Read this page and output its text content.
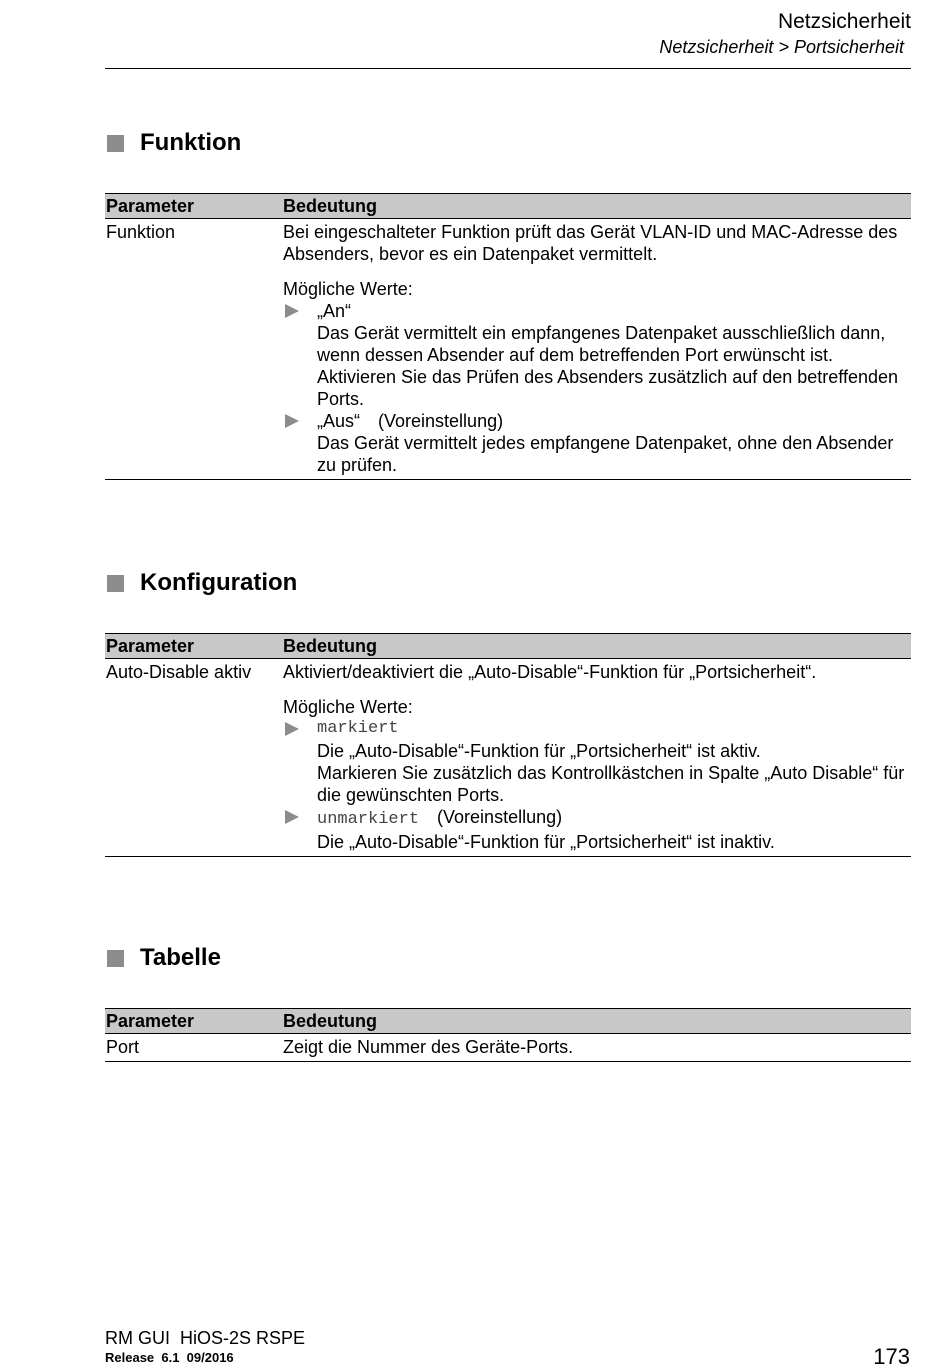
Netzsicherheit
Netzsicherheit > Portsicherheit
Funktion
Parameter	Bedeutung
Funktion	Bei eingeschalteter Funktion prüft das Gerät VLAN-ID und MAC-Adresse des Absenders, bevor es ein Datenpaket vermittelt.

Mögliche Werte:

„An“

Das Gerät vermittelt ein empfangenes Datenpaket ausschließlich dann, wenn dessen Absender auf dem betreffenden Port erwünscht ist. Aktivieren Sie das Prüfen des Absenders zusätzlich auf den betreffenden Ports.

„Aus“ (Voreinstellung)

Das Gerät vermittelt jedes empfangene Datenpaket, ohne den Absender zu prüfen.

Konfiguration
Parameter	Bedeutung
Auto-Disable aktiv	Aktiviert/deaktiviert die „Auto-Disable“-Funktion für „Portsicherheit“.

Mögliche Werte:

markiert

Die „Auto-Disable“-Funktion für „Portsicherheit“ ist aktiv.

Markieren Sie zusätzlich das Kontrollkästchen in Spalte „Auto Disable“ für die gewünschten Ports.

unmarkiert (Voreinstellung)

Die „Auto-Disable“-Funktion für „Portsicherheit“ ist inaktiv.

Tabelle
Parameter	Bedeutung
Port	Zeigt die Nummer des Geräte-Ports.

RM GUI  HiOS-2S RSPE
Release  6.1  09/2016	173
